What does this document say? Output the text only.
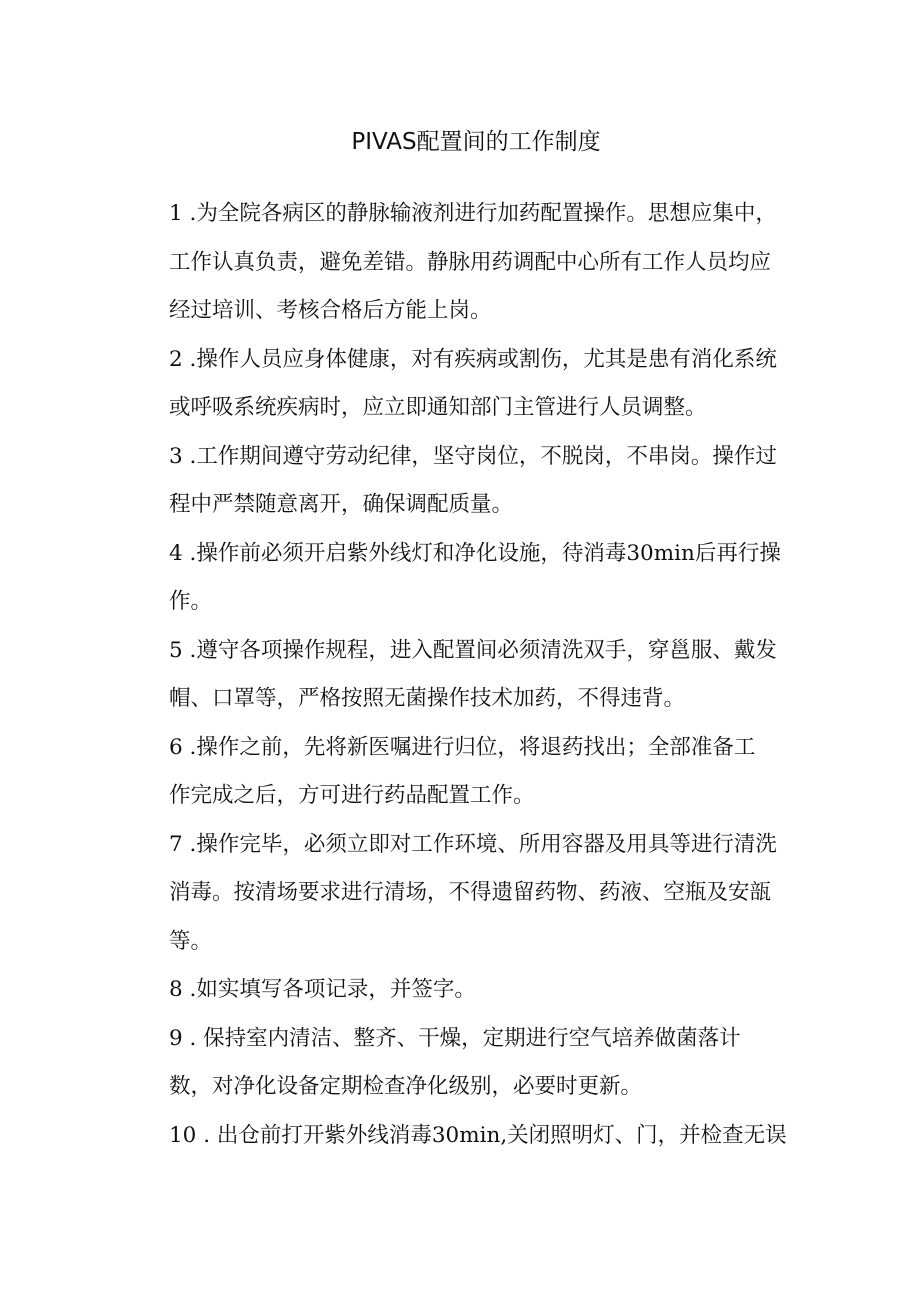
PIVAS配置间的工作制度
1 .为全院各病区的静脉输液剂进行加药配置操作。思想应集中，
工作认真负责，避免差错。静脉用药调配中心所有工作人员均应
经过培训、考核合格后方能上岗。
2 .操作人员应身体健康，对有疾病或割伤，尤其是患有消化系统
或呼吸系统疾病时，应立即通知部门主管进行人员调整。
3 .工作期间遵守劳动纪律，坚守岗位，不脱岗，不串岗。操作过
程中严禁随意离开，确保调配质量。
4 .操作前必须开启紫外线灯和净化设施，待消毒30min后再行操
作。
5 .遵守各项操作规程，进入配置间必须清洗双手，穿邕服、戴发
帽、口罩等，严格按照无菌操作技术加药，不得违背。
6 .操作之前，先将新医嘱进行归位，将退药找出；全部准备工
作完成之后，方可进行药品配置工作。
7 .操作完毕，必须立即对工作环境、所用容器及用具等进行清洗
消毒。按清场要求进行清场，不得遗留药物、药液、空瓶及安瓿
等。
8 .如实填写各项记录，并签字。
9 . 保持室内清洁、整齐、干燥，定期进行空气培养做菌落计
数，对净化设备定期检查净化级别，必要时更新。
10 . 出仓前打开紫外线消毒30min,关闭照明灯、门，并检查无误
